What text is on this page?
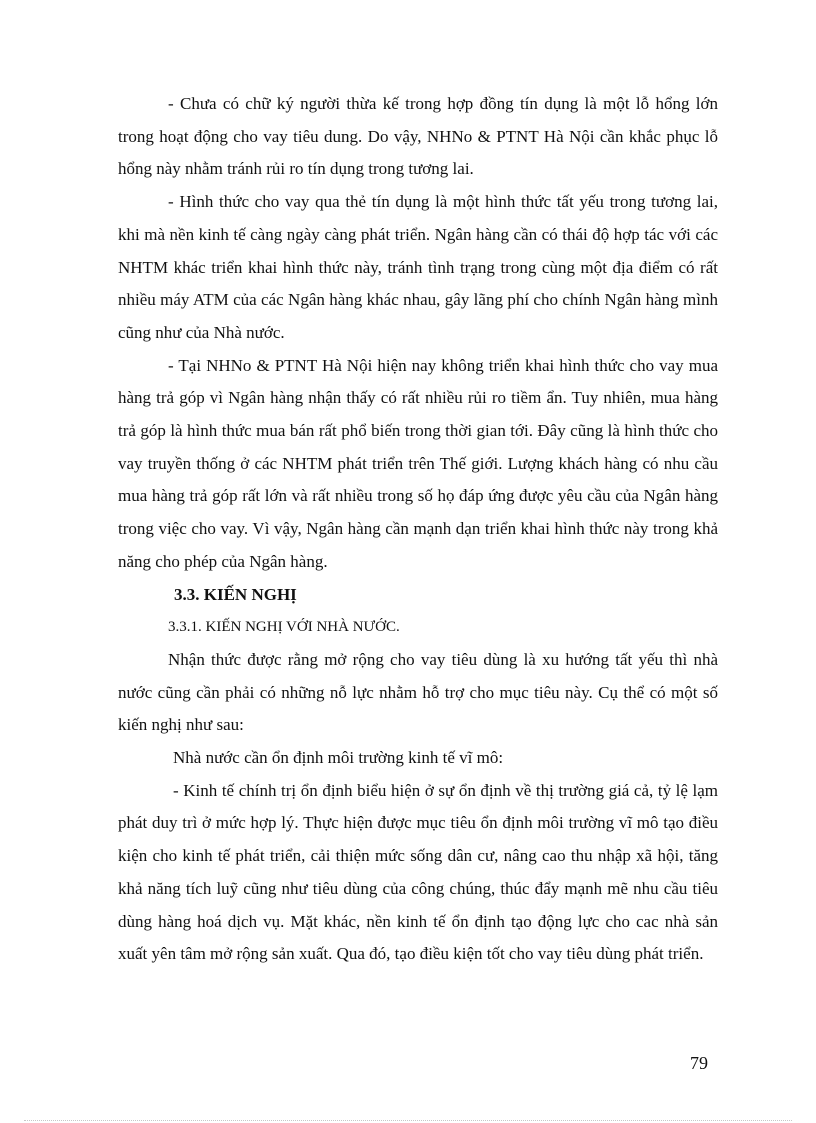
- Chưa có chữ ký người thừa kế trong hợp đồng tín dụng là một lỗ hổng lớn trong hoạt động cho vay tiêu dung. Do vậy, NHNo & PTNT Hà Nội cần khắc phục lỗ hổng này nhằm tránh rủi ro tín dụng trong tương lai.

- Hình thức cho vay qua thẻ tín dụng là một hình thức tất yếu trong tương lai, khi mà nền kinh tế càng ngày càng phát triển. Ngân hàng cần có thái độ hợp tác với các NHTM khác triển khai hình thức này, tránh tình trạng trong cùng một địa điểm có rất nhiều máy ATM của các Ngân hàng khác nhau, gây lãng phí cho chính Ngân hàng mình cũng như của Nhà nước.

- Tại NHNo & PTNT Hà Nội hiện nay không triển khai hình thức cho vay mua hàng trả góp vì Ngân hàng nhận thấy có rất nhiều rủi ro tiềm ẩn. Tuy nhiên, mua hàng trả góp là hình thức mua bán rất phổ biến trong thời gian tới. Đây cũng là hình thức cho vay truyền thống ở các NHTM phát triển trên Thế giới. Lượng khách hàng có nhu cầu mua hàng trả góp rất lớn và rất nhiều trong số họ đáp ứng được yêu cầu của Ngân hàng trong việc cho vay. Vì vậy, Ngân hàng cần mạnh dạn triển khai hình thức này trong khả năng cho phép của Ngân hàng.

3.3. KIẾN NGHỊ

3.3.1. KIẾN NGHỊ VỚI NHÀ NƯỚC.

Nhận thức được rằng mở rộng cho vay tiêu dùng là xu hướng tất yếu thì nhà nước cũng cần phải có những nỗ lực nhằm hỗ trợ cho mục tiêu này. Cụ thể có một số kiến nghị như sau:

Nhà nước cần ổn định môi trường kinh tế vĩ mô:

- Kinh tế chính trị ổn định biểu hiện ở sự ổn định về thị trường giá cả, tỷ lệ lạm phát duy trì ở mức hợp lý. Thực hiện được mục tiêu ổn định môi trường vĩ mô tạo điều kiện cho kinh tế phát triển, cải thiện mức sống dân cư, nâng cao thu nhập xã hội, tăng khả năng tích luỹ cũng như tiêu dùng của công chúng, thúc đẩy mạnh mẽ nhu cầu tiêu dùng hàng hoá dịch vụ. Mặt khác, nền kinh tế ổn định tạo động lực cho cac nhà sản xuất yên tâm mở rộng sản xuất. Qua đó, tạo điều kiện tốt cho vay tiêu dùng phát triển.

79
